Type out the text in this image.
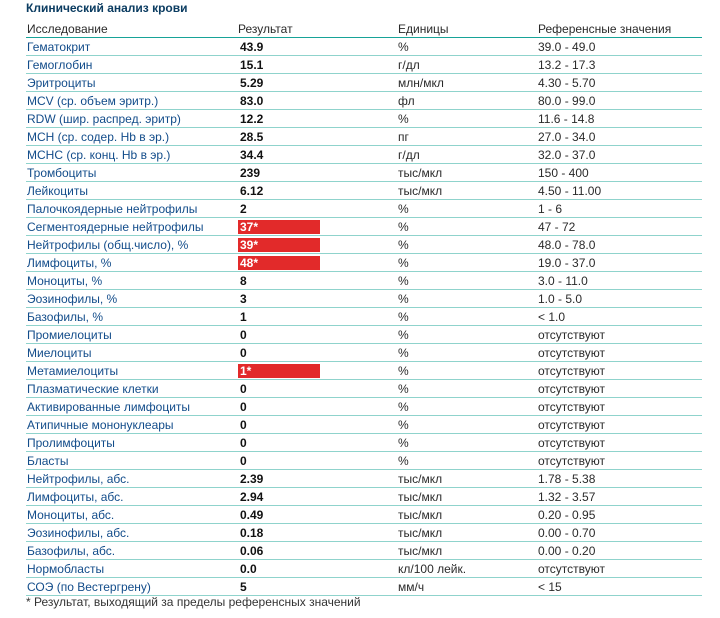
Клинический анализ крови
Исследование	Результат	Единицы	Референсные значения
Гематокрит	43.9	%	39.0 - 49.0
Гемоглобин	15.1	г/дл	13.2 - 17.3
Эритроциты	5.29	млн/мкл	4.30 - 5.70
MCV (ср. объем эритр.)	83.0	фл	80.0 - 99.0
RDW (шир. распред. эритр)	12.2	%	11.6 - 14.8
MCH (ср. содер. Hb в эр.)	28.5	пг	27.0 - 34.0
MCHC (ср. конц. Hb в эр.)	34.4	г/дл	32.0 - 37.0
Тромбоциты	239	тыс/мкл	150 - 400
Лейкоциты	6.12	тыс/мкл	4.50 - 11.00
Палочкоядерные нейтрофилы	2	%	1 - 6
Сегментоядерные нейтрофилы	37*	%	47 - 72
Нейтрофилы (общ.число), %	39*	%	48.0 - 78.0
Лимфоциты, %	48*	%	19.0 - 37.0
Моноциты, %	8	%	3.0 - 11.0
Эозинофилы, %	3	%	1.0 - 5.0
Базофилы, %	1	%	< 1.0
Промиелоциты	0	%	отсутствуют
Миелоциты	0	%	отсутствуют
Метамиелоциты	1*	%	отсутствуют
Плазматические клетки	0	%	отсутствуют
Активированные лимфоциты	0	%	отсутствуют
Атипичные мононуклеары	0	%	отсутствуют
Пролимфоциты	0	%	отсутствуют
Бласты	0	%	отсутствуют
Нейтрофилы, абс.	2.39	тыс/мкл	1.78 - 5.38
Лимфоциты, абс.	2.94	тыс/мкл	1.32 - 3.57
Моноциты, абс.	0.49	тыс/мкл	0.20 - 0.95
Эозинофилы, абс.	0.18	тыс/мкл	0.00 - 0.70
Базофилы, абс.	0.06	тыс/мкл	0.00 - 0.20
Нормобласты	0.0	кл/100 лейк.	отсутствуют
СОЭ (по Вестергрену)	5	мм/ч	< 15
* Результат, выходящий за пределы референсных значений
